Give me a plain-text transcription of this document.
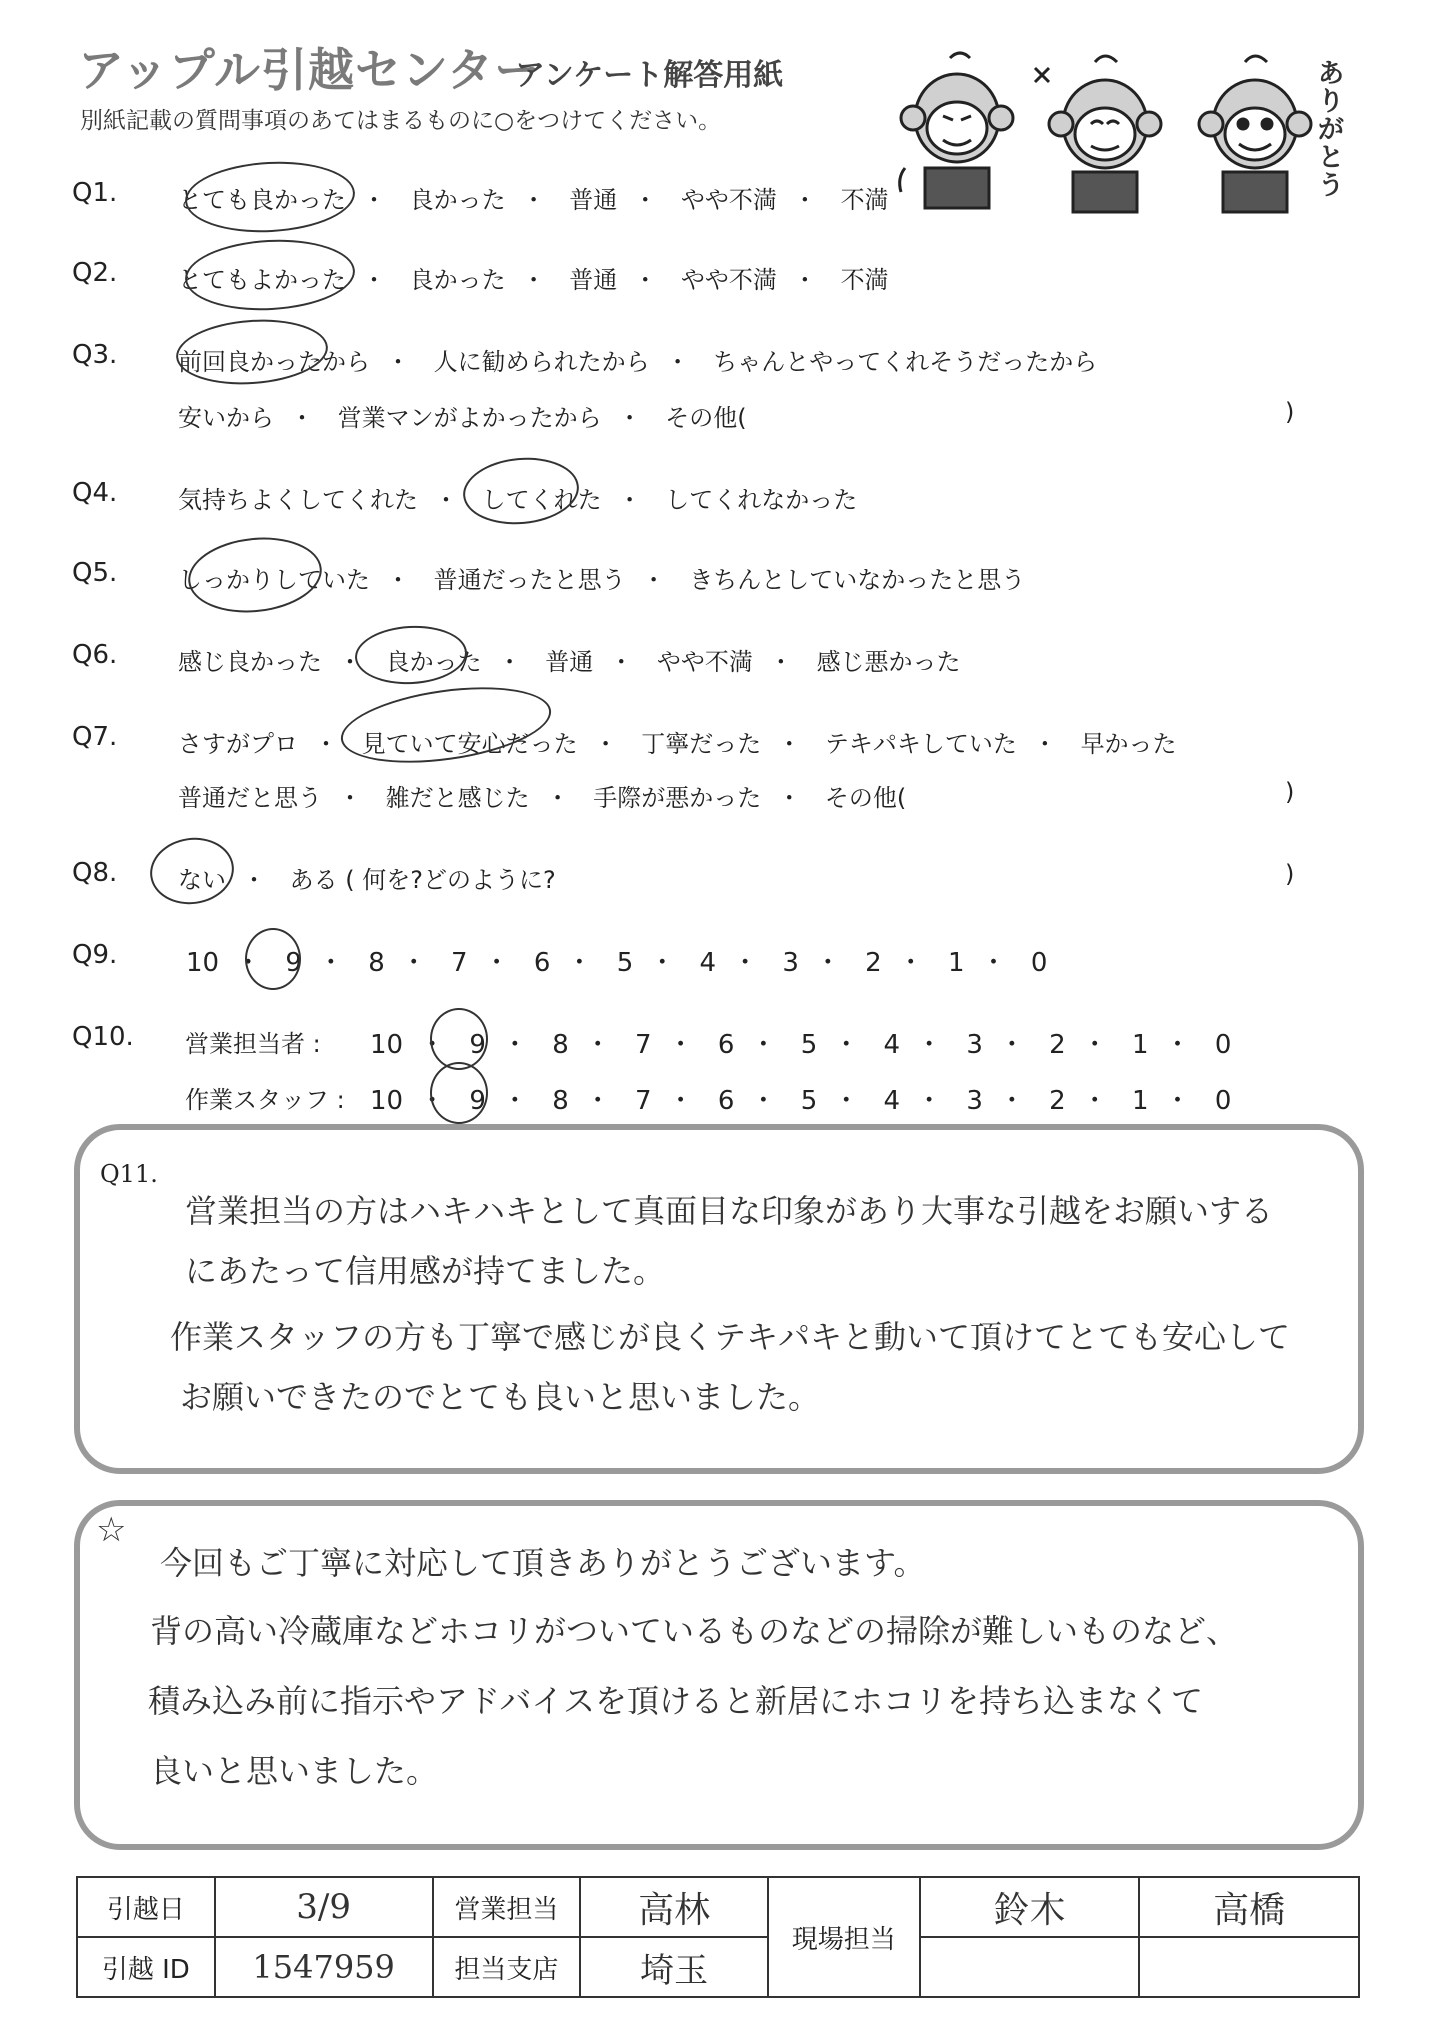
アップル引越センター
アンケート解答用紙
別紙記載の質問事項のあてはまるものに○をつけてください。
ありがとう
Q1.	とても良かった ・ 良かった ・ 普通 ・ やや不満 ・ 不満
Q2.	とてもよかった ・ 良かった ・ 普通 ・ やや不満 ・ 不満
Q3.	前回良かったから ・ 人に勧められたから ・ ちゃんとやってくれそうだったから
安いから ・ 営業マンがよかったから ・ その他(	)
Q4.	気持ちよくしてくれた ・ してくれた ・ してくれなかった
Q5.	しっかりしていた ・ 普通だったと思う ・ きちんとしていなかったと思う
Q6.	感じ良かった ・ 良かった ・ 普通 ・ やや不満 ・ 感じ悪かった
Q7.	さすがプロ ・ 見ていて安心だった ・ 丁寧だった ・ テキパキしていた ・ 早かった
普通だと思う ・ 雑だと感じた ・ 手際が悪かった ・ その他(	)
Q8.	ない ・ ある ( 何を?どのように?	)
Q9.	10 ・ 9 ・ 8 ・ 7 ・ 6 ・ 5 ・ 4 ・ 3 ・ 2 ・ 1 ・ 0
Q10. 営業担当者 : 10 ・ 9 ・ 8 ・ 7 ・ 6 ・ 5 ・ 4 ・ 3 ・ 2 ・ 1 ・ 0
作業スタッフ : 10 ・ 9 ・ 8 ・ 7 ・ 6 ・ 5 ・ 4 ・ 3 ・ 2 ・ 1 ・ 0
Q11.
営業担当の方はハキハキとして真面目な印象があり大事な引越をお願いする
にあたって信用感が持てました。
作業スタッフの方も丁寧で感じが良くテキパキと動いて頂けてとても安心して
お願いできたのでとても良いと思いました。
☆
今回もご丁寧に対応して頂きありがとうございます。
背の高い冷蔵庫などホコリがついているものなどの掃除が難しいものなど、
積み込み前に指示やアドバイスを頂けると新居にホコリを持ち込まなくて
良いと思いました。
引越日	3/9	営業担当	高林	現場担当	鈴木	高橋
引越 ID	1547959	担当支店	埼玉			
